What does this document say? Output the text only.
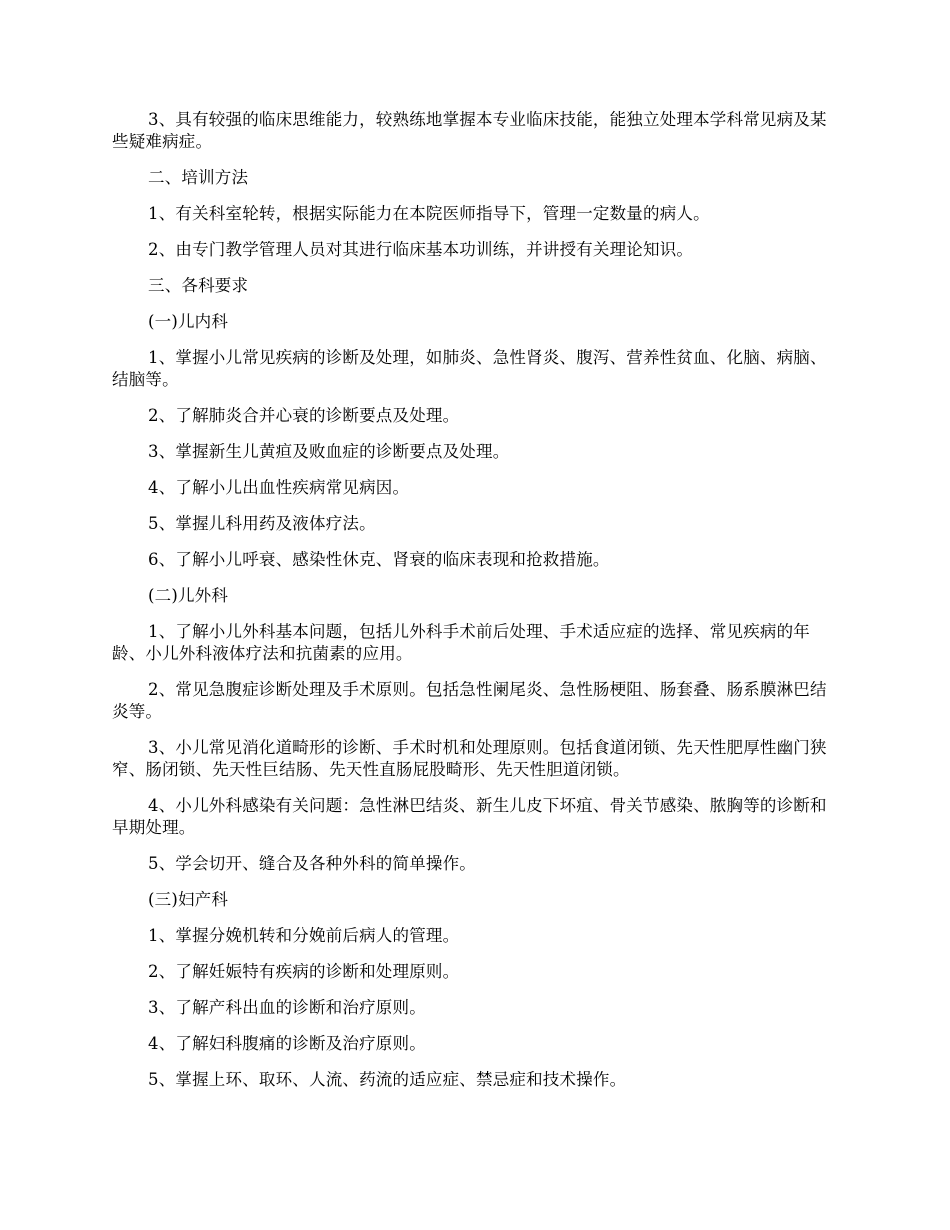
3、具有较强的临床思维能力，较熟练地掌握本专业临床技能，能独立处理本学科常见病及某些疑难病症。

二、培训方法

1、有关科室轮转，根据实际能力在本院医师指导下，管理一定数量的病人。

2、由专门教学管理人员对其进行临床基本功训练，并讲授有关理论知识。

三、各科要求

(一)儿内科

1、掌握小儿常见疾病的诊断及处理，如肺炎、急性肾炎、腹泻、营养性贫血、化脑、病脑、结脑等。

2、了解肺炎合并心衰的诊断要点及处理。

3、掌握新生儿黄疸及败血症的诊断要点及处理。

4、了解小儿出血性疾病常见病因。

5、掌握儿科用药及液体疗法。

6、了解小儿呼衰、感染性休克、肾衰的临床表现和抢救措施。

(二)儿外科

1、了解小儿外科基本问题，包括儿外科手术前后处理、手术适应症的选择、常见疾病的年龄、小儿外科液体疗法和抗菌素的应用。

2、常见急腹症诊断处理及手术原则。包括急性阑尾炎、急性肠梗阻、肠套叠、肠系膜淋巴结炎等。

3、小儿常见消化道畸形的诊断、手术时机和处理原则。包括食道闭锁、先天性肥厚性幽门狭窄、肠闭锁、先天性巨结肠、先天性直肠屁股畸形、先天性胆道闭锁。

4、小儿外科感染有关问题：急性淋巴结炎、新生儿皮下坏疽、骨关节感染、脓胸等的诊断和早期处理。

5、学会切开、缝合及各种外科的简单操作。

(三)妇产科

1、掌握分娩机转和分娩前后病人的管理。

2、了解妊娠特有疾病的诊断和处理原则。

3、了解产科出血的诊断和治疗原则。

4、了解妇科腹痛的诊断及治疗原则。

5、掌握上环、取环、人流、药流的适应症、禁忌症和技术操作。
